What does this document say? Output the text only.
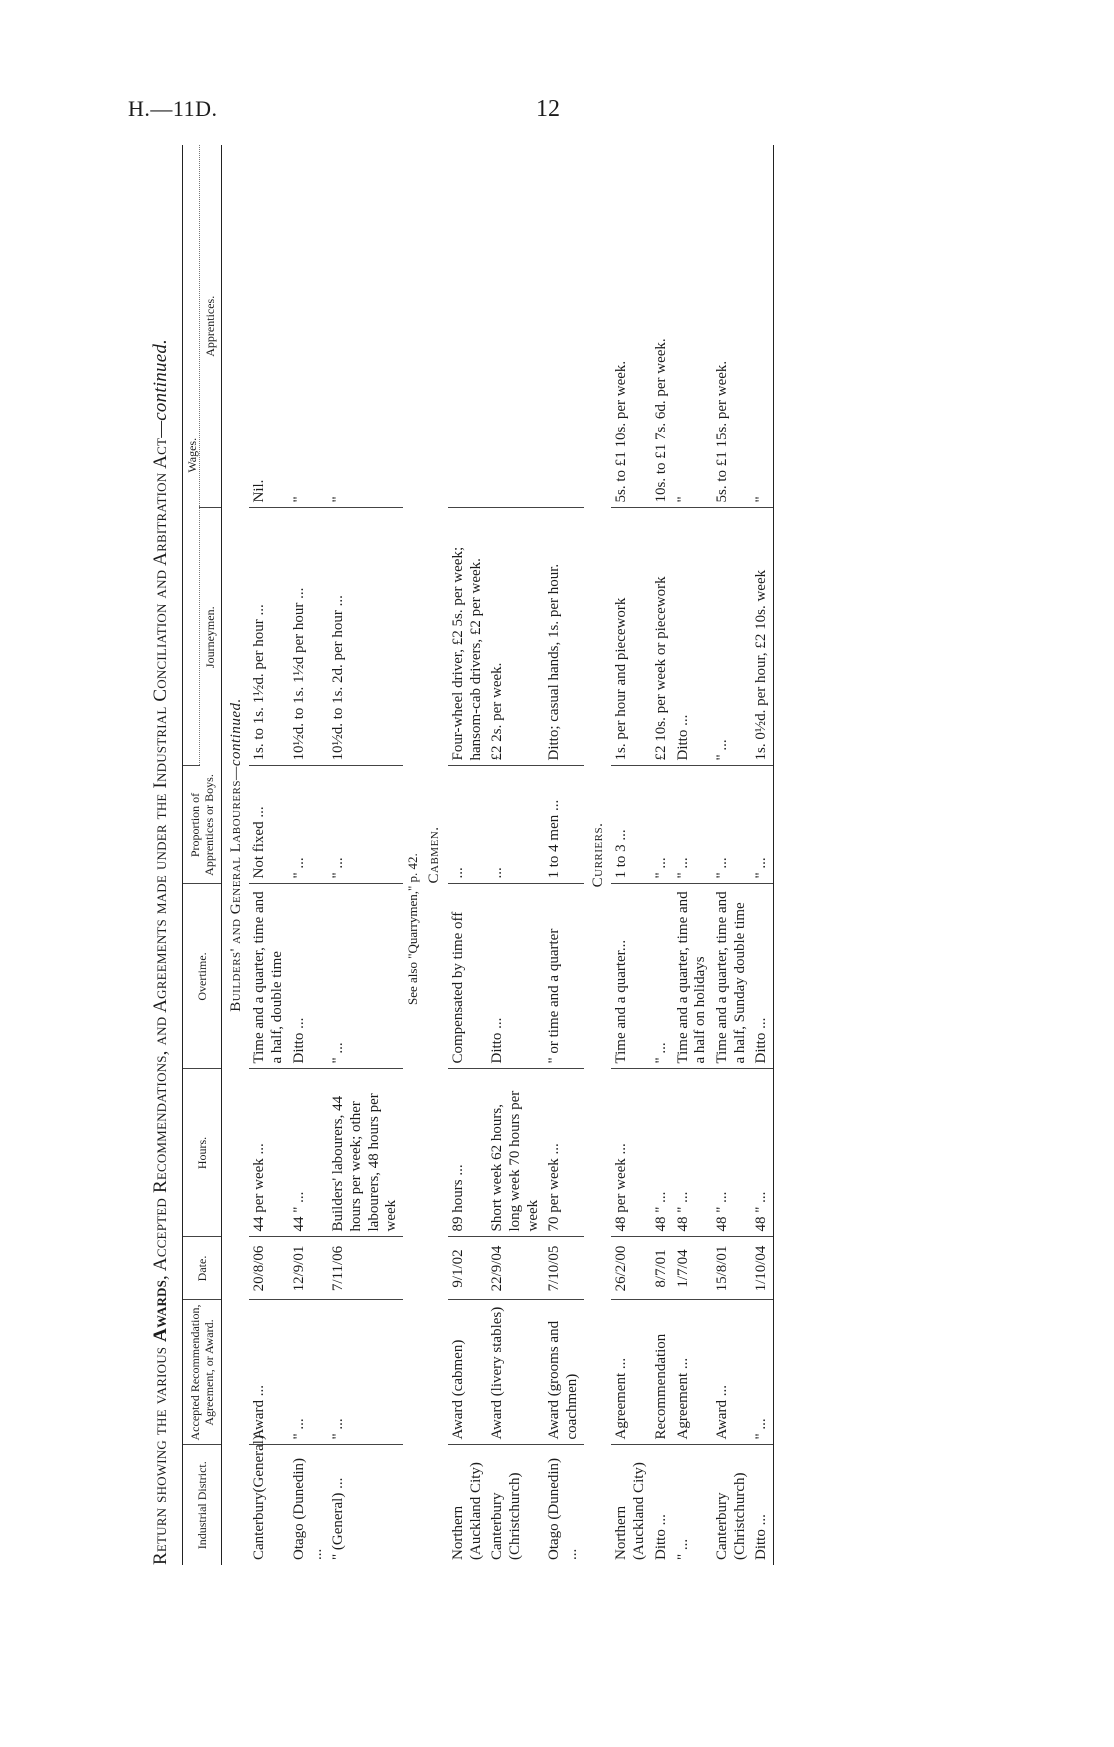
H.—11D.	12
Return showing the various Awards, Accepted Recommendations, and Agreements made under the Industrial Conciliation and Arbitration Act—continued.
Industrial District.	Accepted Recommendation, Agreement, or Award.	Date.	Hours.	Overtime.	Proportion of Apprentices or Boys.	Wages.	
						Journeymen.	Apprentices.
Builders' and General Labourers—continued.							
Canterbury(General)	Award ...	20/8/06	44 per week ...	Time and a quarter, time and a half, double time	Not fixed ...	1s. to 1s. 1½d. per hour ...	Nil.
Otago (Dunedin) ...	" ...	12/9/01	44 " ...	Ditto ...	" ...	10½d. to 1s. 1½d per hour ...	"
" (General) ...	" ...	7/11/06	Builders' labourers, 44 hours per week; other labourers, 48 hours per week	" ...	" ...	10½d. to 1s. 2d. per hour ...	"
See also "Quarrymen," p. 42.							
Cabmen.							
Northern (Auckland City)	Award (cabmen)	9/1/02	89 hours ...	Compensated by time off	...	Four-wheel driver, £2 5s. per week; hansom-cab drivers, £2 per week.	
Canterbury (Christchurch)	Award (livery stables)	22/9/04	Short week 62 hours, long week 70 hours per week	Ditto ...	...	£2 2s. per week.	
Otago (Dunedin) ...	Award (grooms and coachmen)	7/10/05	70 per week ...	" or time and a quarter	1 to 4 men ...	Ditto; casual hands, 1s. per hour.	
Curriers.							
Northern (Auckland City)	Agreement ...	26/2/00	48 per week ...	Time and a quarter...	1 to 3 ...	1s. per hour and piecework	5s. to £1 10s. per week.
Ditto ...	Recommendation	8/7/01	48 " ...	" ...	" ...	£2 10s. per week or piecework	10s. to £1 7s. 6d. per week.
" ...	Agreement ...	1/7/04	48 " ...	Time and a quarter, time and a half on holidays	" ...	Ditto ...	"
Canterbury (Christchurch)	Award ...	15/8/01	48 " ...	Time and a quarter, time and a half, Sunday double time	" ...	" ...	5s. to £1 15s. per week.
Ditto ...	" ...	1/10/04	48 " ...	Ditto ...	" ...	1s. 0½d. per hour, £2 10s. week	"
